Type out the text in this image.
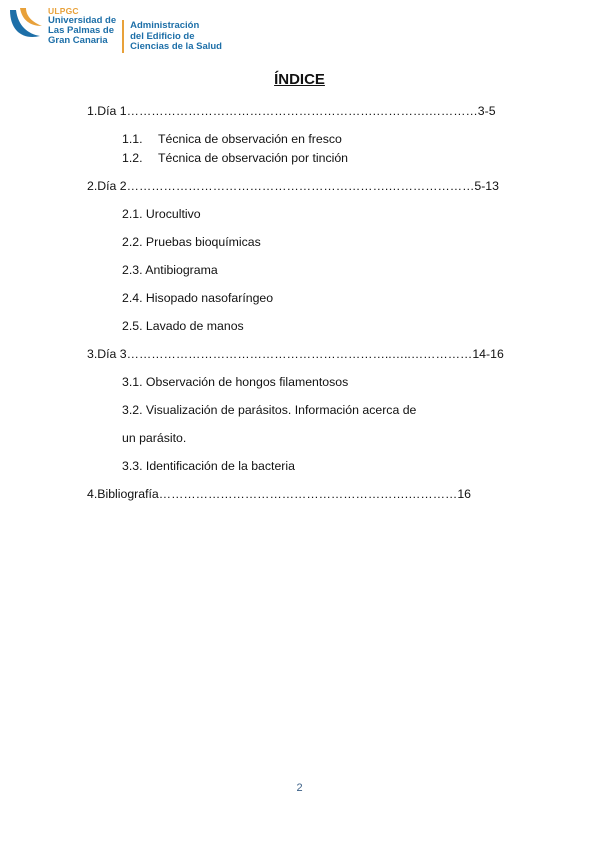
ULPGC
Universidad de
Las Palmas de
Gran Canaria
Administración
del Edificio de
Ciencias de la Salud
ÍNDICE
1.Día 1…………………………………………………….………….…………3-5
1.1. Técnica de observación en fresco
1.2. Técnica de observación por tinción
2.Día 2……………………………………………………….…………………5-13
2.1. Urocultivo
2.2. Pruebas bioquímicas
2.3. Antibiograma
2.4. Hisopado nasofaríngeo
2.5. Lavado de manos
3.Día 3………………………………………………………..…..……………14-16
3.1. Observación de hongos filamentosos
3.2. Visualización de parásitos. Información acerca de
un parásito.
3.3. Identificación de la bacteria
4.Bibliografía…………………………………………………….…………16
2
